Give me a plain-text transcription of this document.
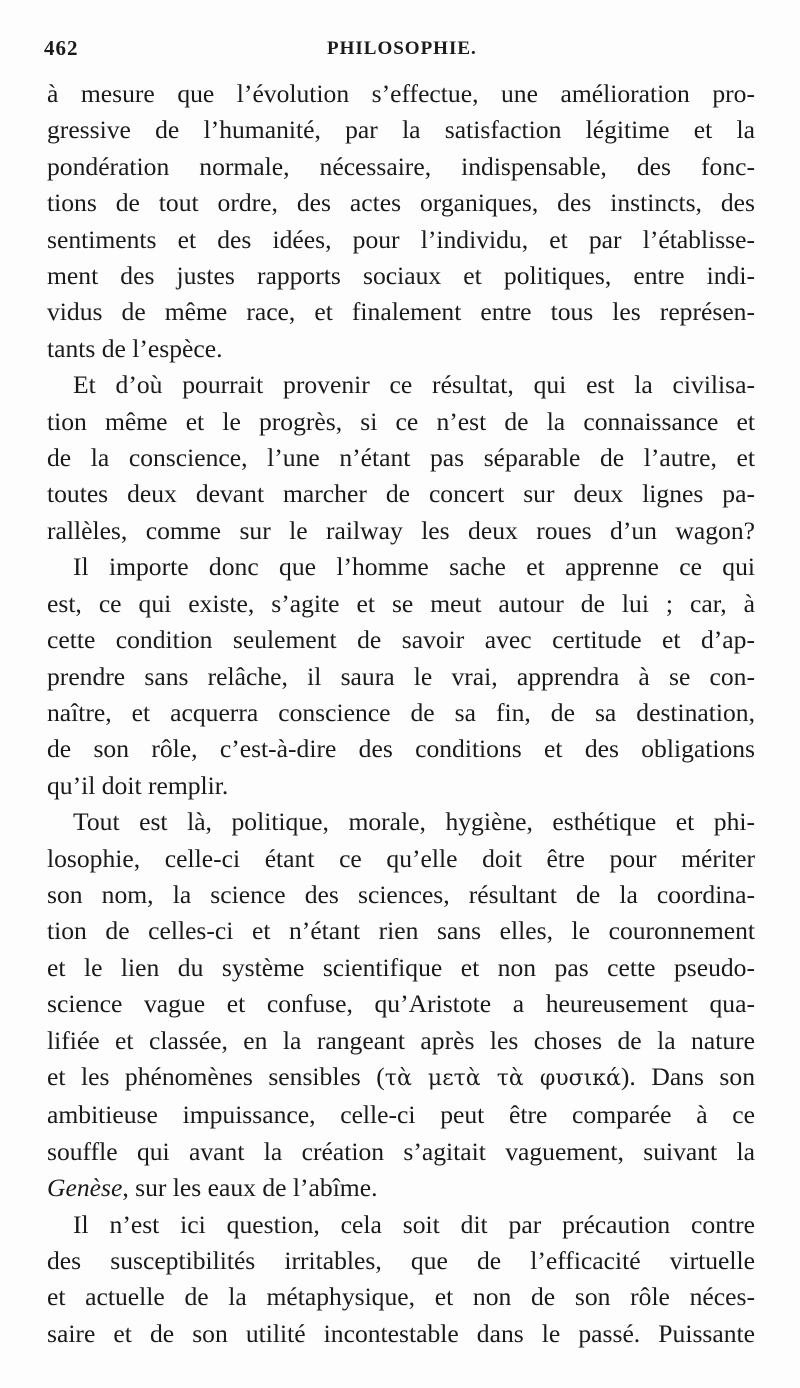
462	PHILOSOPHIE.

à mesure que l’évolution s’effectue, une amélioration pro-
gressive de l’humanité, par la satisfaction légitime et la
pondération normale, nécessaire, indispensable, des fonc-
tions de tout ordre, des actes organiques, des instincts, des
sentiments et des idées, pour l’individu, et par l’établisse-
ment des justes rapports sociaux et politiques, entre indi-
vidus de même race, et finalement entre tous les représen-
tants de l’espèce.
Et d’où pourrait provenir ce résultat, qui est la civilisa-
tion même et le progrès, si ce n’est de la connaissance et
de la conscience, l’une n’étant pas séparable de l’autre, et
toutes deux devant marcher de concert sur deux lignes pa-
rallèles, comme sur le railway les deux roues d’un wagon?
Il importe donc que l’homme sache et apprenne ce qui
est, ce qui existe, s’agite et se meut autour de lui ; car, à
cette condition seulement de savoir avec certitude et d’ap-
prendre sans relâche, il saura le vrai, apprendra à se con-
naître, et acquerra conscience de sa fin, de sa destination,
de son rôle, c’est-à-dire des conditions et des obligations
qu’il doit remplir.
Tout est là, politique, morale, hygiène, esthétique et phi-
losophie, celle-ci étant ce qu’elle doit être pour mériter
son nom, la science des sciences, résultant de la coordina-
tion de celles-ci et n’étant rien sans elles, le couronnement
et le lien du système scientifique et non pas cette pseudo-
science vague et confuse, qu’Aristote a heureusement qua-
lifiée et classée, en la rangeant après les choses de la nature
et les phénomènes sensibles (τὰ μετὰ τὰ φυσικά). Dans son
ambitieuse impuissance, celle-ci peut être comparée à ce
souffle qui avant la création s’agitait vaguement, suivant la
Genèse, sur les eaux de l’abîme.
Il n’est ici question, cela soit dit par précaution contre
des susceptibilités irritables, que de l’efficacité virtuelle
et actuelle de la métaphysique, et non de son rôle néces-
saire et de son utilité incontestable dans le passé. Puissante
